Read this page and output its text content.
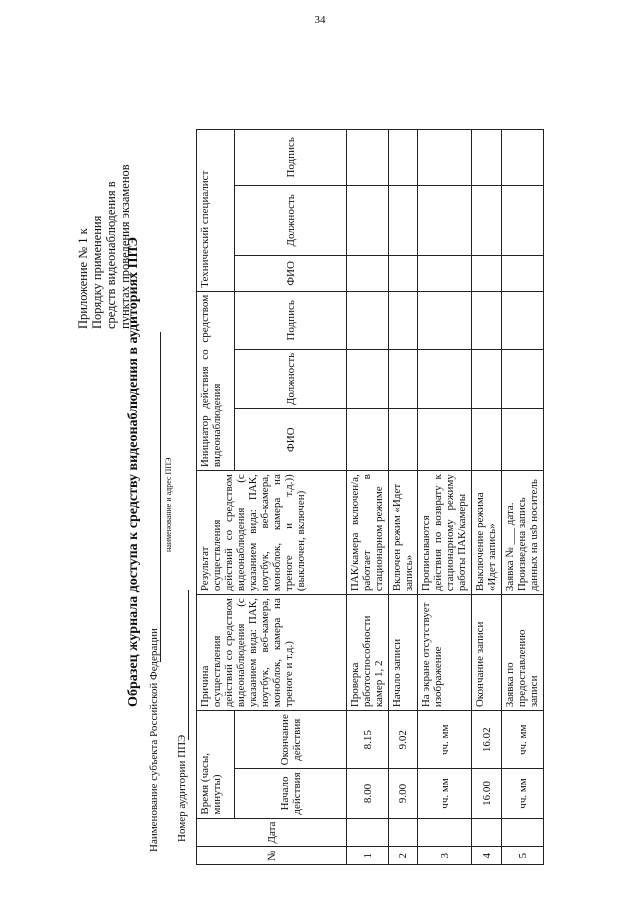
34
Приложение № 1 к Порядку применения средств видеонаблюдения в пунктах проведения экзаменов
Образец журнала доступа к средству видеонаблюдения в аудиториях ППЭ
Наименование субъекта Российской Федерации
наименование и адрес ППЭ
Номер аудитории ППЭ
№	Дата	Время (часы, минуты)		Причина осуществления действий со средством видеонаблюдения (с указанием вида: ПАК, ноутбук, веб-камера, моноблок, камера на треноге и т.д.)	Результат осуществления действий со средством видеонаблюдения (с указанием вида: ПАК, ноутбук, веб-камера, моноблок, камера на треноге и т.д.)) (выключен, включен)	Инициатор действия со средством видеонаблюдения			Технический специалист		
		Начало действия	Окончание действия			ФИО	Должность	Подпись	ФИО	Должность	Подпись
1		8.00	8.15	Проверка работоспособности камер 1, 2	ПАК/камера включен/а, работает в стационарном режиме						
2		9.00	9.02	Начало записи	Включен режим «Идет запись»						
3		чч. мм	чч. мм	На экране отсутствует изображение	Прописываются действия по возврату к стационарному режиму работы ПАК/камеры						
4		16.00	16.02	Окончание записи	Выключение режима «Идет запись»						
5		чч. мм	чч. мм	Заявка по предоставлению записи	Заявка № ___ дата. Произведена запись данных на usb носитель						
